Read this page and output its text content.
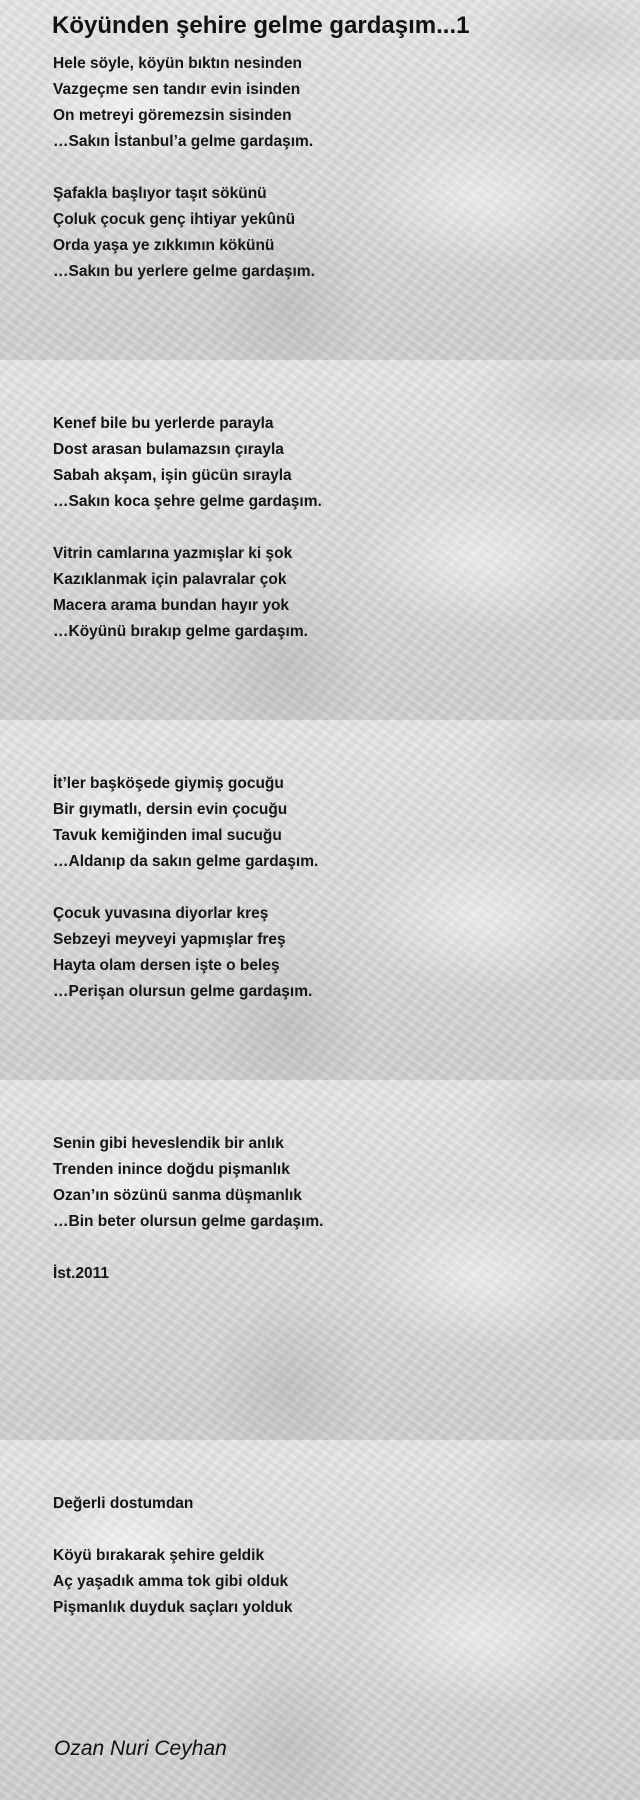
Köyünden şehire gelme gardaşım...1

Hele söyle, köyün bıktın nesinden
Vazgeçme sen tandır evin isinden
On metreyi göremezsin sisinden
…Sakın İstanbul’a gelme gardaşım.

Şafakla başlıyor taşıt sökünü
Çoluk çocuk genç ihtiyar yekûnü
Orda yaşa ye zıkkımın kökünü
…Sakın bu yerlere gelme gardaşım.

Kenef bile bu yerlerde parayla
Dost arasan bulamazsın çırayla
Sabah akşam, işin gücün sırayla
…Sakın koca şehre gelme gardaşım.

Vitrin camlarına yazmışlar ki şok
Kazıklanmak için palavralar çok
Macera arama bundan hayır yok
…Köyünü bırakıp gelme gardaşım.

İt’ler başköşede giymiş gocuğu
Bir gıymatlı, dersin evin çocuğu
Tavuk kemiğinden imal sucuğu
…Aldanıp da sakın gelme gardaşım.

Çocuk yuvasına diyorlar kreş
Sebzeyi meyveyi yapmışlar freş
Hayta olam dersen işte o beleş
…Perişan olursun gelme gardaşım.

Senin gibi heveslendik bir anlık
Trenden inince doğdu pişmanlık
Ozan’ın sözünü sanma düşmanlık
…Bin beter olursun gelme gardaşım.

İst.2011

Değerli dostumdan

Köyü bırakarak şehire geldik
Aç yaşadık amma tok gibi olduk
Pişmanlık duyduk saçları yolduk

Ozan Nuri Ceyhan
